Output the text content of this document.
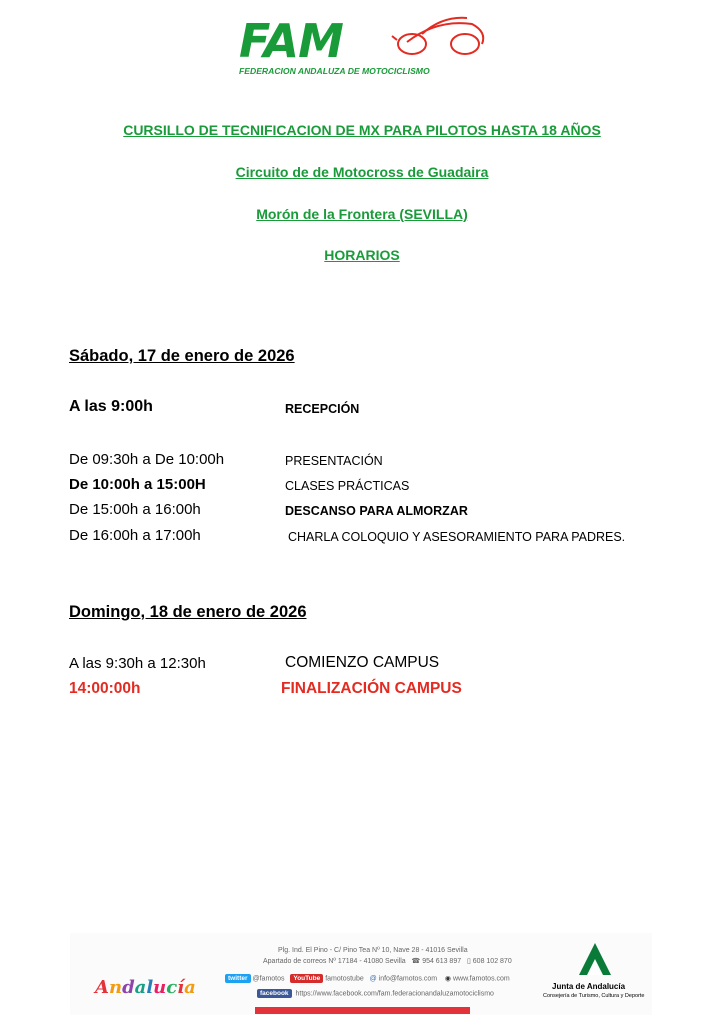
FAM
FEDERACION ANDALUZA DE MOTOCICLISMO
CURSILLO DE TECNIFICACION DE MX PARA PILOTOS HASTA 18 AÑOS
Circuito de de Motocross de Guadaira
Morón de la Frontera (SEVILLA)
HORARIOS
Sábado, 17 de enero de 2026
A las 9:00h	RECEPCIÓN
De 09:30h a De 10:00h	PRESENTACIÓN
De 10:00h a 15:00H	CLASES PRÁCTICAS
De 15:00h a 16:00h	DESCANSO PARA ALMORZAR
De 16:00h a 17:00h	CHARLA COLOQUIO Y ASESORAMIENTO PARA PADRES.
Domingo, 18 de enero de 2026
A las 9:30h a 12:30h	COMIENZO CAMPUS
14:00:00h	FINALIZACIÓN CAMPUS
Plg. Ind. El Pino - C/ Pino Tea Nº 10, Nave 28 - 41016 Sevilla
Apartado de correos Nº 17184 - 41080 Sevilla ☎ 954 613 897 ▯ 608 102 870
Andalucía	twitter @famotos YouTube famotostube @ info@famotos.com ◉ www.famotos.com
facebook https://www.facebook.com/fam.federacionandaluzamotociclismo
Junta de Andalucía
Consejería de Turismo, Cultura y Deporte
